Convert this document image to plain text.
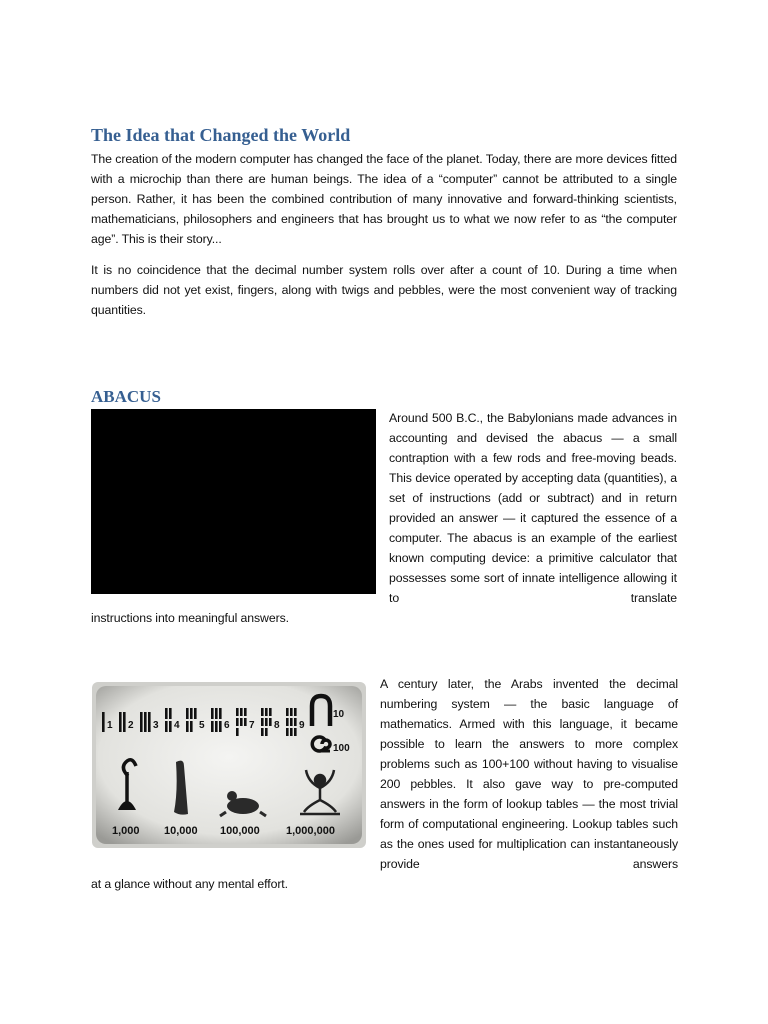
The Idea that Changed the World

The creation of the modern computer has changed the face of the planet. Today, there are more devices fitted with a microchip than there are human beings. The idea of a “computer” cannot be attributed to a single person. Rather, it has been the combined contribution of many innovative and forward-thinking scientists, mathematicians, philosophers and engineers that has brought us to what we now refer to as “the computer age”. This is their story...

It is no coincidence that the decimal number system rolls over after a count of 10. During a time when numbers did not yet exist, fingers, along with twigs and pebbles, were the most convenient way of tracking quantities.

ABACUS

Around 500 B.C., the Babylonians made advances in accounting and devised the abacus — a small contraption with a few rods and free-moving beads. This device operated by accepting data (quantities), a set of instructions (add or subtract) and in return provided an answer — it captured the essence of a computer. The abacus is an example of the earliest known computing device: a primitive calculator that possesses some sort of innate intelligence allowing it to translate

instructions into meaningful answers.

1 2 3 4 5 6 7 8 9
10
100
1,000 10,000 100,000 1,000,000

A century later, the Arabs invented the decimal numbering system — the basic language of mathematics. Armed with this language, it became possible to learn the answers to more complex problems such as 100+100 without having to visualise 200 pebbles. It also gave way to pre-computed answers in the form of lookup tables — the most trivial form of computational engineering. Lookup tables such as the ones used for multiplication can instantaneously provide answers

at a glance without any mental effort.
